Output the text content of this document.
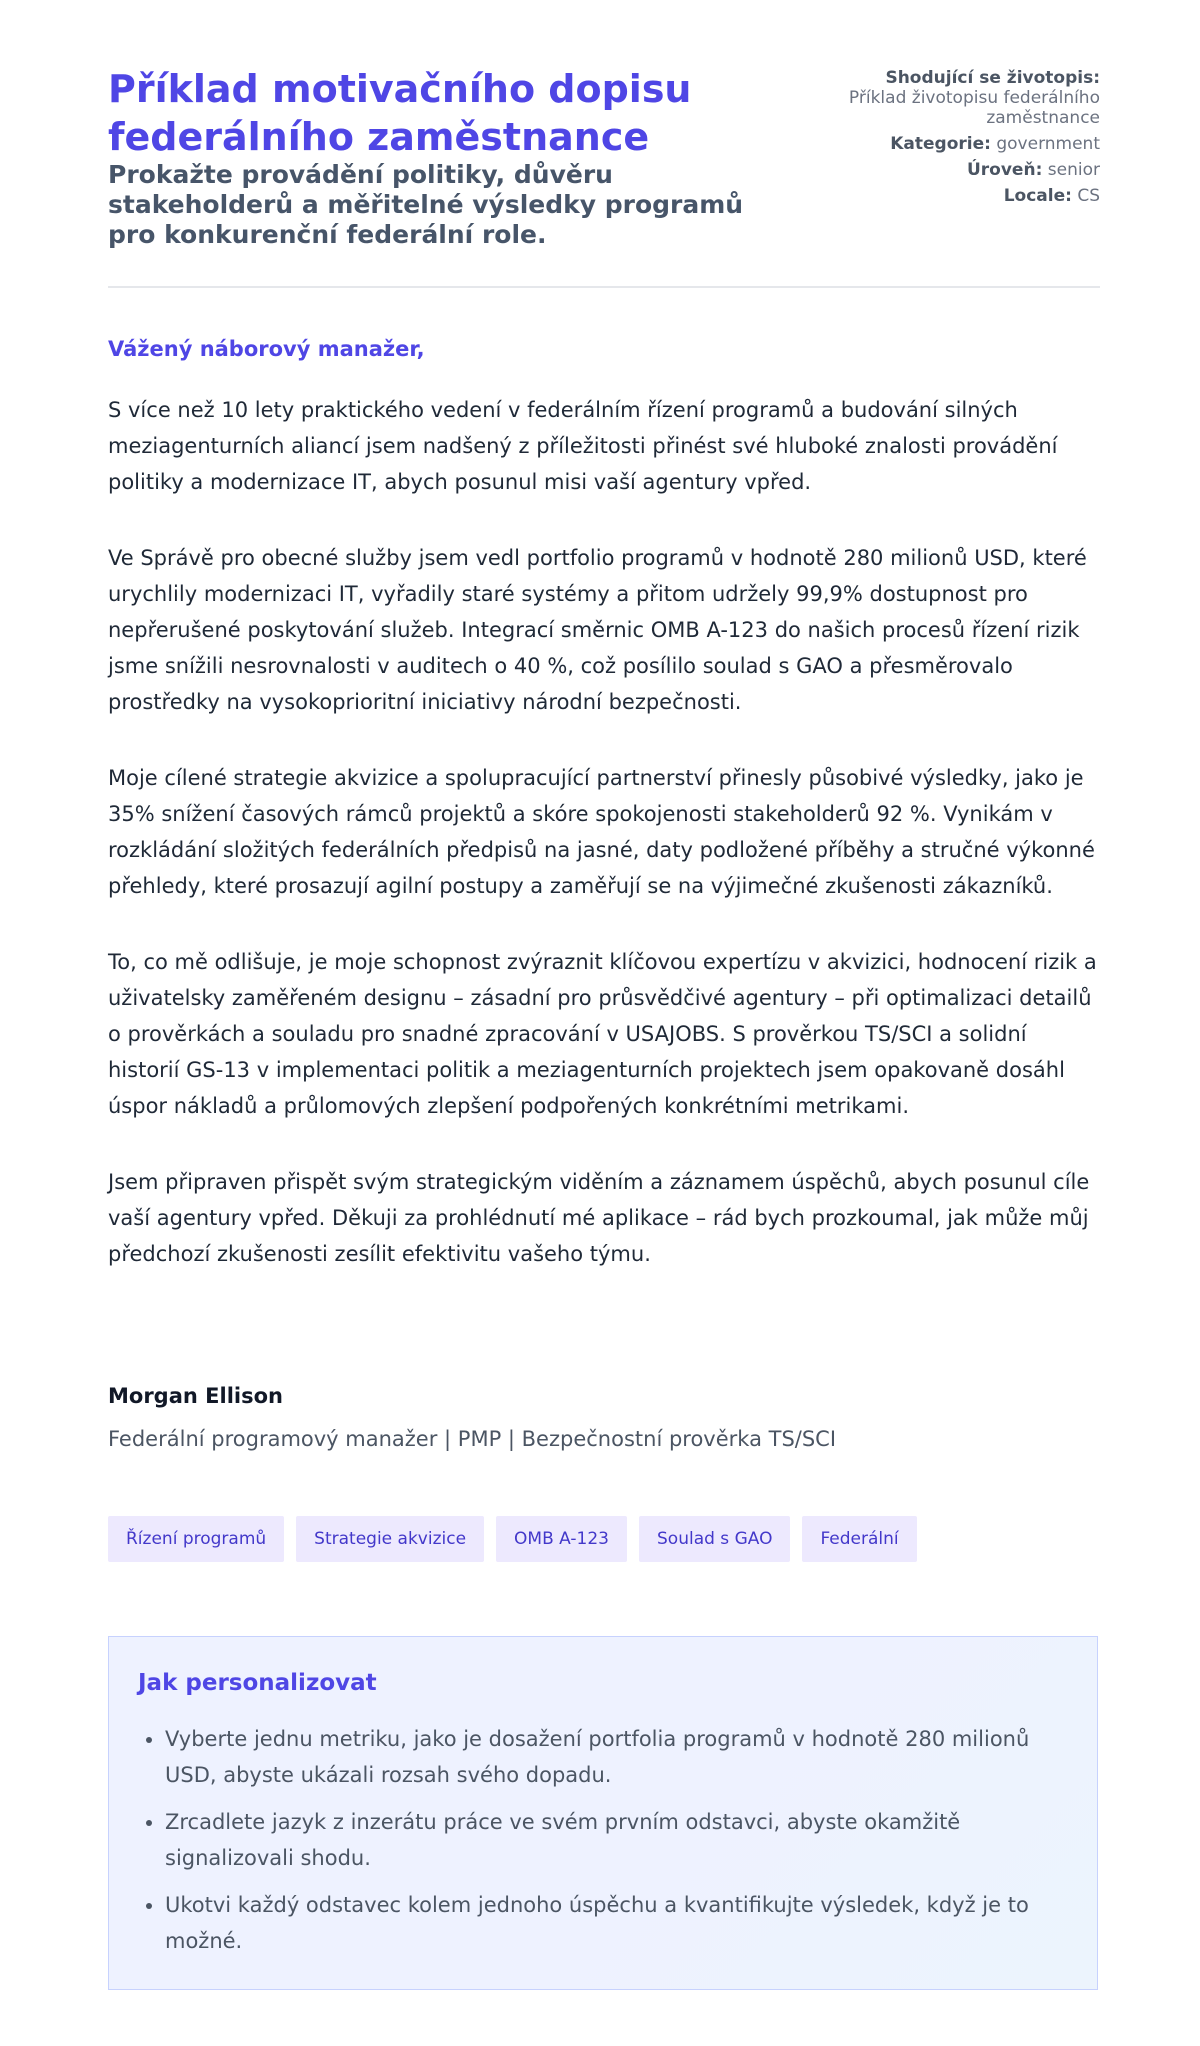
Příklad motivačního dopisu federálního zaměstnance
Prokažte provádění politiky, důvěru stakeholderů a měřitelné výsledky programů pro konkurenční federální role.
Shodující se životopis:
Příklad životopisu federálního zaměstnance
Kategorie: government
Úroveň: senior
Locale: CS
Vážený náborový manažer,

S více než 10 lety praktického vedení v federálním řízení programů a budování silných meziagenturních aliancí jsem nadšený z příležitosti přinést své hluboké znalosti provádění politiky a modernizace IT, abych posunul misi vaší agentury vpřed.

Ve Správě pro obecné služby jsem vedl portfolio programů v hodnotě 280 milionů USD, které urychlily modernizaci IT, vyřadily staré systémy a přitom udržely 99,9% dostupnost pro nepřerušené poskytování služeb. Integrací směrnic OMB A-123 do našich procesů řízení rizik jsme snížili nesrovnalosti v auditech o 40 %, což posílilo soulad s GAO a přesměrovalo prostředky na vysokoprioritní iniciativy národní bezpečnosti.

Moje cílené strategie akvizice a spolupracující partnerství přinesly působivé výsledky, jako je 35% snížení časových rámců projektů a skóre spokojenosti stakeholderů 92 %. Vynikám v rozkládání složitých federálních předpisů na jasné, daty podložené příběhy a stručné výkonné přehledy, které prosazují agilní postupy a zaměřují se na výjimečné zkušenosti zákazníků.

To, co mě odlišuje, je moje schopnost zvýraznit klíčovou expertízu v akvizici, hodnocení rizik a uživatelsky zaměřeném designu – zásadní pro průsvědčivé agentury – při optimalizaci detailů o prověrkách a souladu pro snadné zpracování v USAJOBS. S prověrkou TS/SCI a solidní historií GS-13 v implementaci politik a meziagenturních projektech jsem opakovaně dosáhl úspor nákladů a průlomových zlepšení podpořených konkrétními metrikami.

Jsem připraven přispět svým strategickým viděním a záznamem úspěchů, abych posunul cíle vaší agentury vpřed. Děkuji za prohlédnutí mé aplikace – rád bych prozkoumal, jak může můj předchozí zkušenosti zesílit efektivitu vašeho týmu.

Morgan Ellison
Federální programový manažer | PMP | Bezpečnostní prověrka TS/SCI
Řízení programů	Strategie akvizice	OMB A-123	Soulad s GAO	Federální
Jak personalizovat
• Vyberte jednu metriku, jako je dosažení portfolia programů v hodnotě 280 milionů USD, abyste ukázali rozsah svého dopadu.
• Zrcadlete jazyk z inzerátu práce ve svém prvním odstavci, abyste okamžitě signalizovali shodu.
• Ukotvi každý odstavec kolem jednoho úspěchu a kvantifikujte výsledek, když je to možné.
